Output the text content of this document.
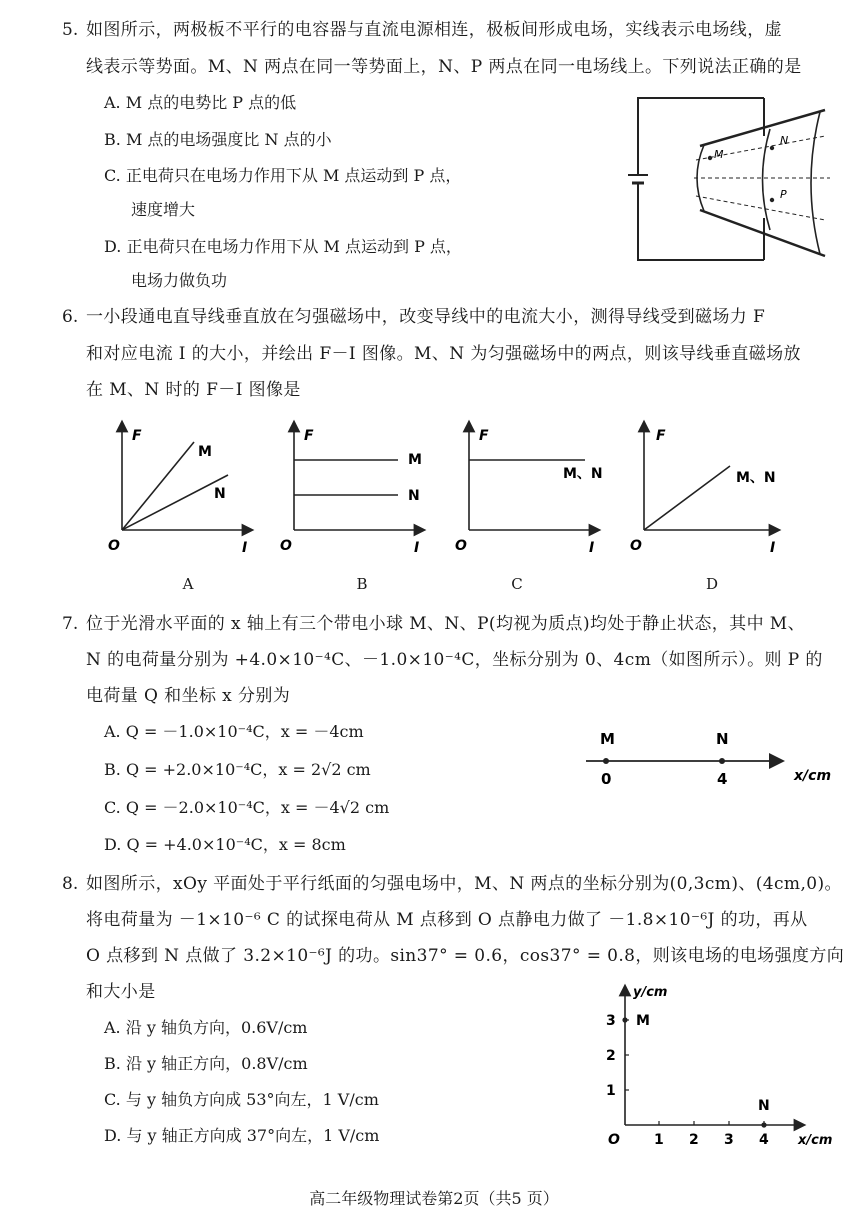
5. 如图所示，两极板不平行的电容器与直流电源相连，极板间形成电场，实线表示电场线，虚
线表示等势面。M、N 两点在同一等势面上，N、P 两点在同一电场线上。下列说法正确的是
A. M 点的电势比 P 点的低
B. M 点的电场强度比 N 点的小
C. 正电荷只在电场力作用下从 M 点运动到 P 点，
速度增大
D. 正电荷只在电场力作用下从 M 点运动到 P 点，
电场力做负功
M
N
P
6. 一小段通电直导线垂直放在匀强磁场中，改变导线中的电流大小，测得导线受到磁场力 F
和对应电流 I 的大小，并绘出 F－I 图像。M、N 为匀强磁场中的两点，则该导线垂直磁场放
在 M、N 时的 F－I 图像是
F
O	I
M
N
F
O	I
M
N
F
O	I
M、N
F
O	I
M、N
A	B	C	D
7. 位于光滑水平面的 x 轴上有三个带电小球 M、N、P(均视为质点)均处于静止状态，其中 M、
N 的电荷量分别为 +4.0×10⁻⁴C、－1.0×10⁻⁴C，坐标分别为 0、4cm（如图所示）。则 P 的
电荷量 Q 和坐标 x 分别为
A. Q = －1.0×10⁻⁴C，x = －4cm
B. Q = +2.0×10⁻⁴C，x = 2√2 cm
C. Q = －2.0×10⁻⁴C，x = －4√2 cm
D. Q = +4.0×10⁻⁴C，x = 8cm
M	N
0	4	x/cm
8. 如图所示，xOy 平面处于平行纸面的匀强电场中，M、N 两点的坐标分别为(0,3cm)、(4cm,0)。
将电荷量为 －1×10⁻⁶ C 的试探电荷从 M 点移到 O 点静电力做了 －1.8×10⁻⁶J 的功，再从
O 点移到 N 点做了 3.2×10⁻⁶J 的功。sin37° = 0.6，cos37° = 0.8，则该电场的电场强度方向
和大小是
A. 沿 y 轴负方向，0.6V/cm
B. 沿 y 轴正方向，0.8V/cm
C. 与 y 轴负方向成 53°向左，1 V/cm
D. 与 y 轴正方向成 37°向左，1 V/cm
y/cm
x/cm
O
M
N
1 2 3 4
1
2
3
高二年级物理试卷第2页（共5 页）
